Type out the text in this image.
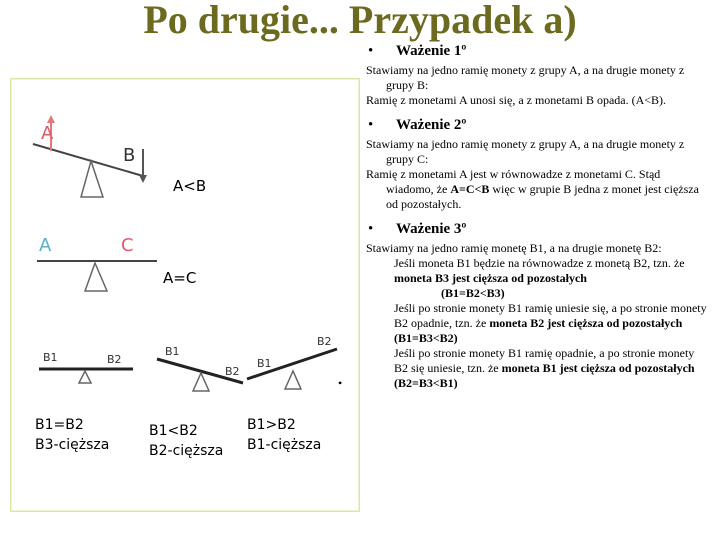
Po drugie... Przypadek a)
A
B
A<B
A	C
A=C
B1	B2
B1=B2
B3-cięższa
B1
B2
B1<B2
B2-cięższa
B1
B2
B1>B2
B1-cięższa

• Ważenie 1º

Stawiamy na jedno ramię monety z grupy A, a na drugie monety z grupy B:

Ramię z monetami A unosi się, a z monetami B opada. (A<B).

• Ważenie 2º

Stawiamy na jedno ramię monety z grupy A, a na drugie monety z grupy C:

Ramię z monetami A jest w równowadze z monetami C. Stąd wiadomo, że A=C<B więc w grupie B jedna z monet jest cięższa od pozostałych.

• Ważenie 3º

Stawiamy na jedno ramię monetę B1, a na drugie monetę B2:

Jeśli moneta B1 będzie na równowadze z monetą B2, tzn. że moneta B3 jest cięższa od pozostałych

(B1=B2<B3)

Jeśli po stronie monety B1 ramię uniesie się, a po stronie monety B2 opadnie, tzn. że moneta B2 jest cięższa od pozostałych   (B1=B3<B2)

•
Jeśli po stronie monety B1 ramię opadnie, a po stronie monety B2 się uniesie, tzn. że moneta B1 jest cięższa od pozostałych   (B2=B3<B1)
